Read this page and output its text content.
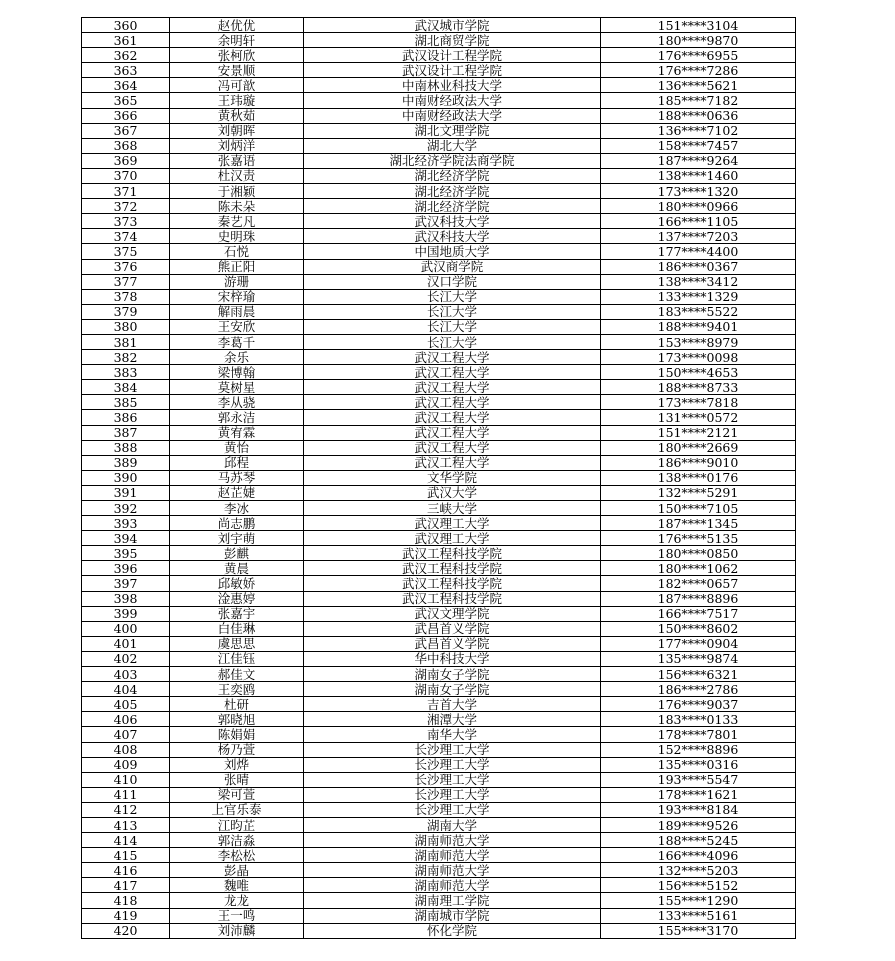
360	赵优优	武汉城市学院	151****3104
361	余明轩	湖北商贸学院	180****9870
362	张柯欣	武汉设计工程学院	176****6955
363	安景顺	武汉设计工程学院	176****7286
364	冯可歆	中南林业科技大学	136****5621
365	王玮璇	中南财经政法大学	185****7182
366	黄秋茹	中南财经政法大学	188****0636
367	刘朝晖	湖北文理学院	136****7102
368	刘炳洋	湖北大学	158****7457
369	张嘉语	湖北经济学院法商学院	187****9264
370	杜汉责	湖北经济学院	138****1460
371	于湘颖	湖北经济学院	173****1320
372	陈未朵	湖北经济学院	180****0966
373	秦艺凡	武汉科技大学	166****1105
374	史明珠	武汉科技大学	137****7203
375	石悦	中国地质大学	177****4400
376	熊正阳	武汉商学院	186****0367
377	游珊	汉口学院	138****3412
378	宋梓瑜	长江大学	133****1329
379	解雨晨	长江大学	183****5522
380	王安欣	长江大学	188****9401
381	李葛千	长江大学	153****8979
382	余乐	武汉工程大学	173****0098
383	梁博翰	武汉工程大学	150****4653
384	莫树星	武汉工程大学	188****8733
385	李从骁	武汉工程大学	173****7818
386	郭永洁	武汉工程大学	131****0572
387	黄宥霖	武汉工程大学	151****2121
388	黄怡	武汉工程大学	180****2669
389	邱程	武汉工程大学	186****9010
390	马苏琴	文华学院	138****0176
391	赵芷婕	武汉大学	132****5291
392	李冰	三峡大学	150****7105
393	尚志鹏	武汉理工大学	187****1345
394	刘宇萌	武汉理工大学	176****5135
395	彭麒	武汉工程科技学院	180****0850
396	黄晨	武汉工程科技学院	180****1062
397	邱敏娇	武汉工程科技学院	182****0657
398	淦惠婷	武汉工程科技学院	187****8896
399	张嘉宇	武汉文理学院	166****7517
400	白佳琳	武昌首义学院	150****8602
401	虞思思	武昌首义学院	177****0904
402	江佳钰	华中科技大学	135****9874
403	郝佳文	湖南女子学院	156****6321
404	王奕鸥	湖南女子学院	186****2786
405	杜研	吉首大学	176****9037
406	郭晓旭	湘潭大学	183****0133
407	陈娟娟	南华大学	178****7801
408	杨乃萱	长沙理工大学	152****8896
409	刘烨	长沙理工大学	135****0316
410	张晴	长沙理工大学	193****5547
411	梁可萱	长沙理工大学	178****1621
412	上官乐泰	长沙理工大学	193****8184
413	江昀芷	湖南大学	189****9526
414	郭洁淼	湖南师范大学	188****5245
415	李松松	湖南师范大学	166****4096
416	彭晶	湖南师范大学	132****5203
417	魏唯	湖南师范大学	156****5152
418	龙龙	湖南理工学院	155****1290
419	王一鸣	湖南城市学院	133****5161
420	刘沛麟	怀化学院	155****3170
